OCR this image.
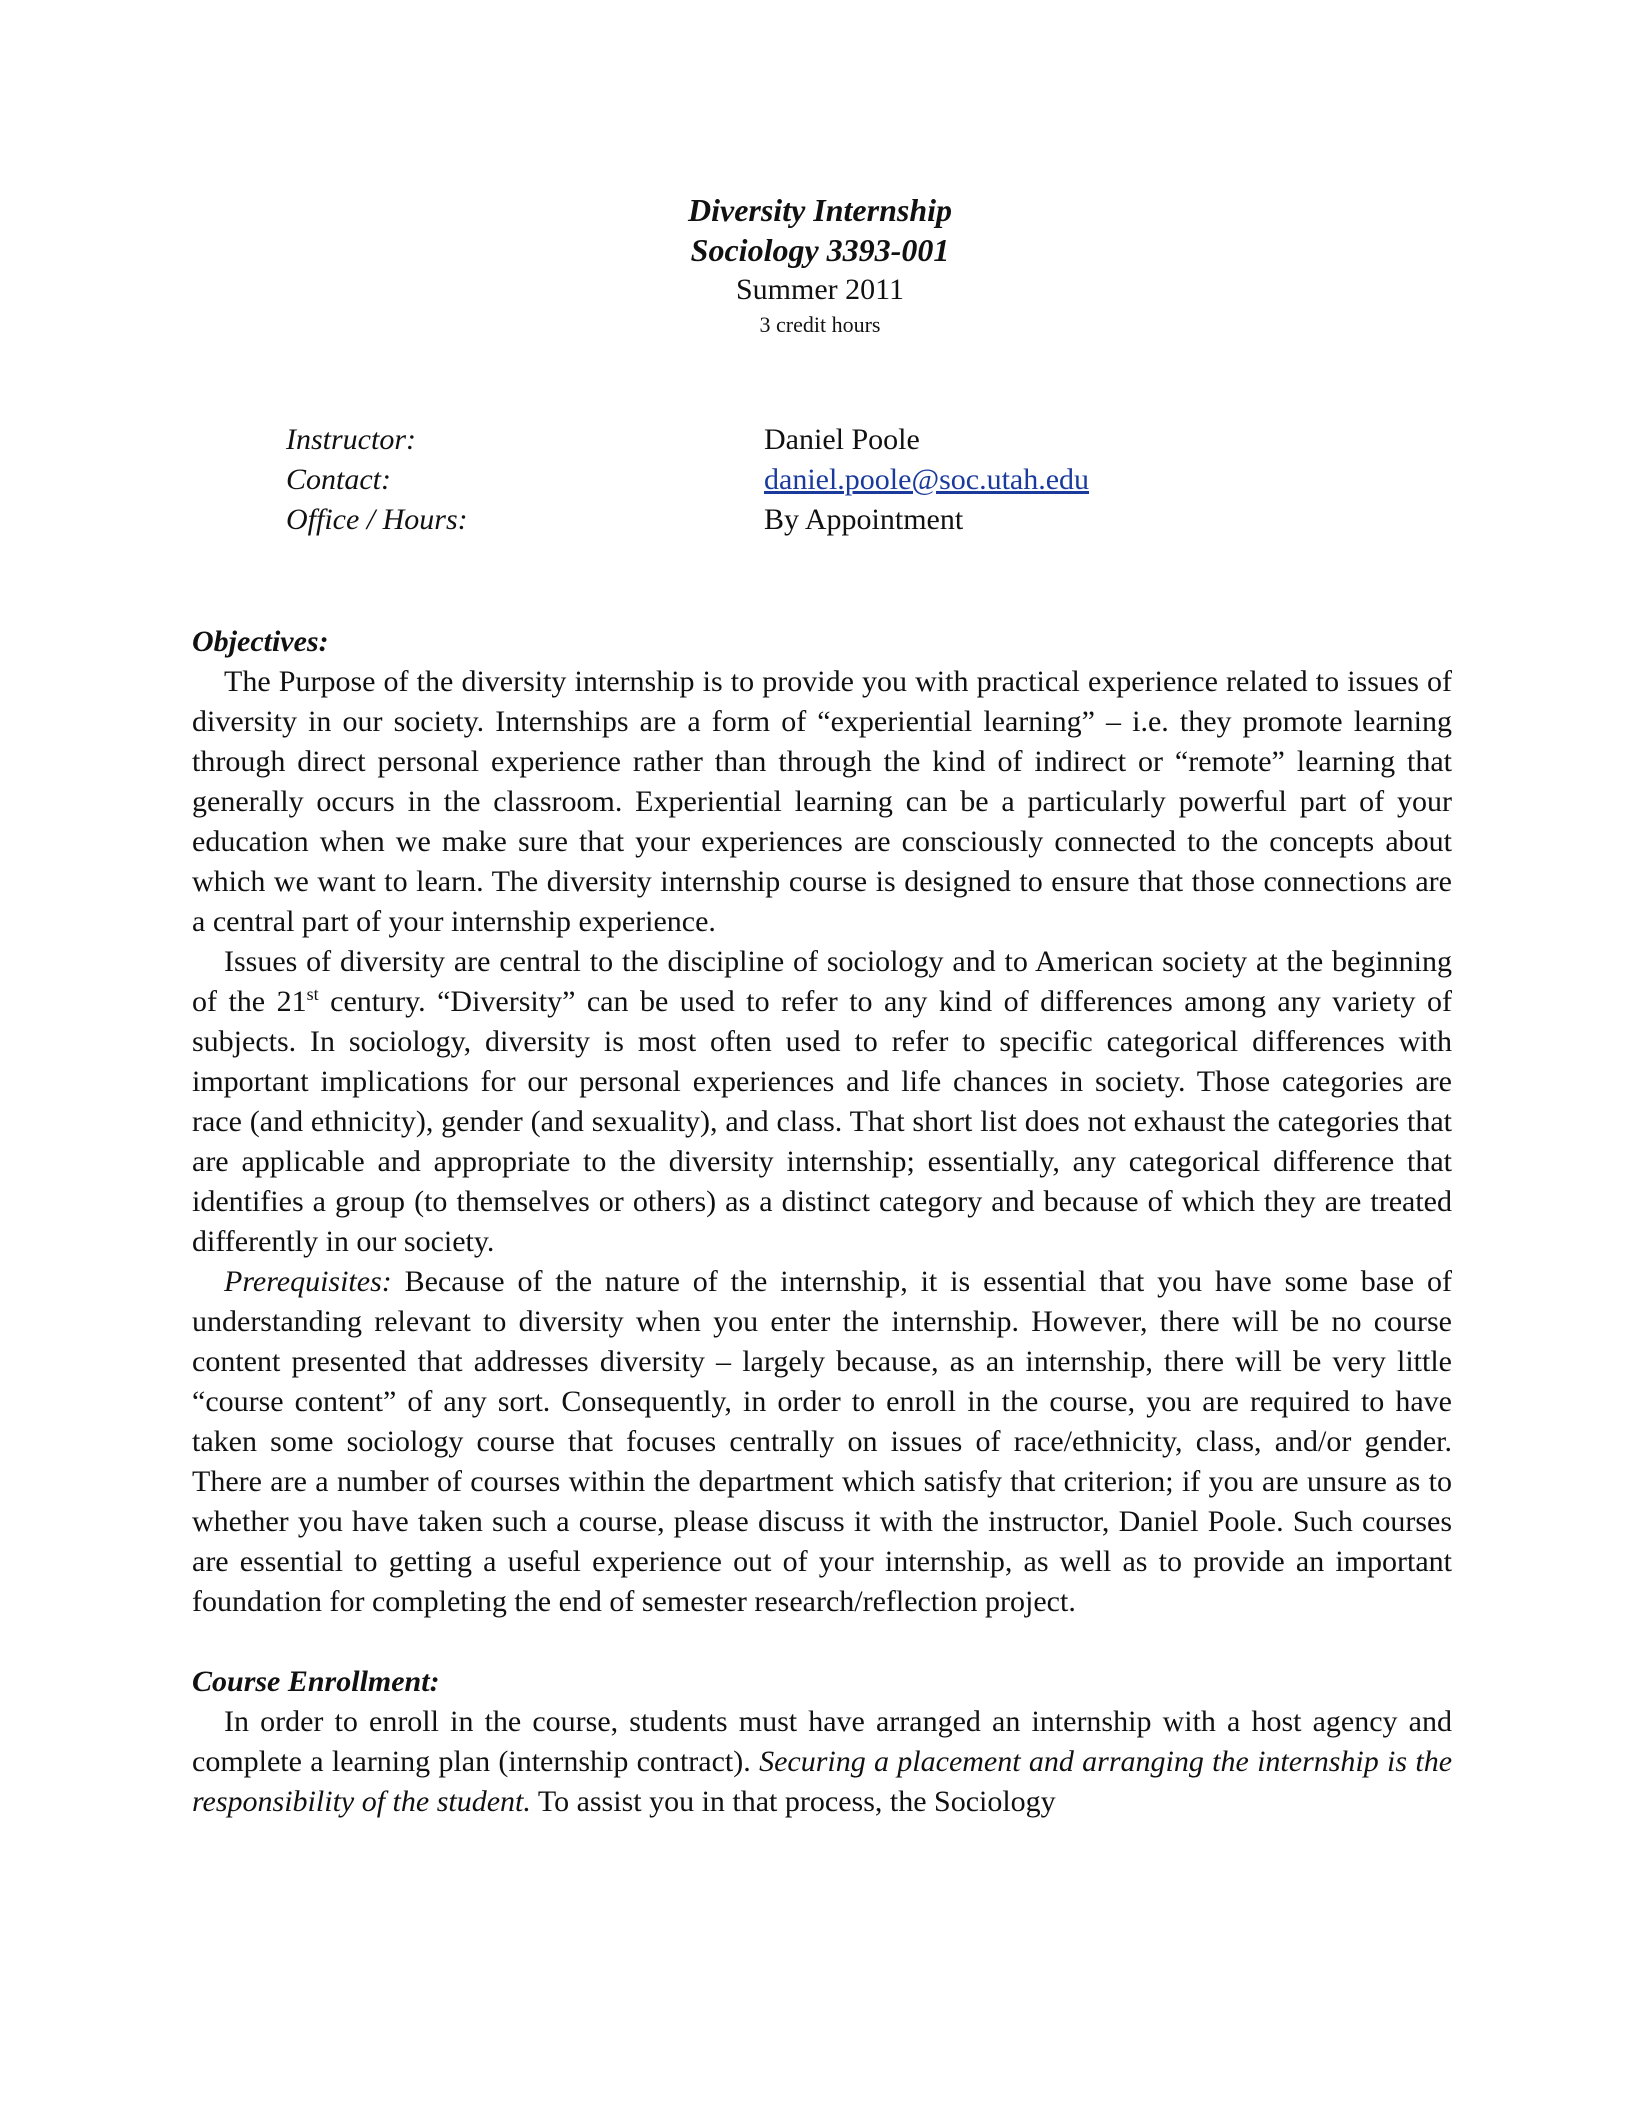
Diversity Internship
Sociology 3393-001
Summer 2011
3 credit hours
Instructor:	Daniel Poole
Contact:	daniel.poole@soc.utah.edu
Office / Hours:	By Appointment
Objectives:

The Purpose of the diversity internship is to provide you with practical experience related to issues of diversity in our society. Internships are a form of “experiential learning” – i.e. they promote learning through direct personal experience rather than through the kind of indirect or “remote” learning that generally occurs in the classroom. Experiential learning can be a particularly powerful part of your education when we make sure that your experiences are consciously connected to the concepts about which we want to learn. The diversity internship course is designed to ensure that those connections are a central part of your internship experience.

Issues of diversity are central to the discipline of sociology and to American society at the beginning of the 21st century. “Diversity” can be used to refer to any kind of differences among any variety of subjects. In sociology, diversity is most often used to refer to specific categorical differences with important implications for our personal experiences and life chances in society. Those categories are race (and ethnicity), gender (and sexuality), and class. That short list does not exhaust the categories that are applicable and appropriate to the diversity internship; essentially, any categorical difference that identifies a group (to themselves or others) as a distinct category and because of which they are treated differently in our society.

Prerequisites: Because of the nature of the internship, it is essential that you have some base of understanding relevant to diversity when you enter the internship. However, there will be no course content presented that addresses diversity – largely because, as an internship, there will be very little “course content” of any sort. Consequently, in order to enroll in the course, you are required to have taken some sociology course that focuses centrally on issues of race/ethnicity, class, and/or gender. There are a number of courses within the department which satisfy that criterion; if you are unsure as to whether you have taken such a course, please discuss it with the instructor, Daniel Poole. Such courses are essential to getting a useful experience out of your internship, as well as to provide an important foundation for completing the end of semester research/reflection project.

Course Enrollment:

In order to enroll in the course, students must have arranged an internship with a host agency and complete a learning plan (internship contract). Securing a placement and arranging the internship is the responsibility of the student. To assist you in that process, the Sociology
